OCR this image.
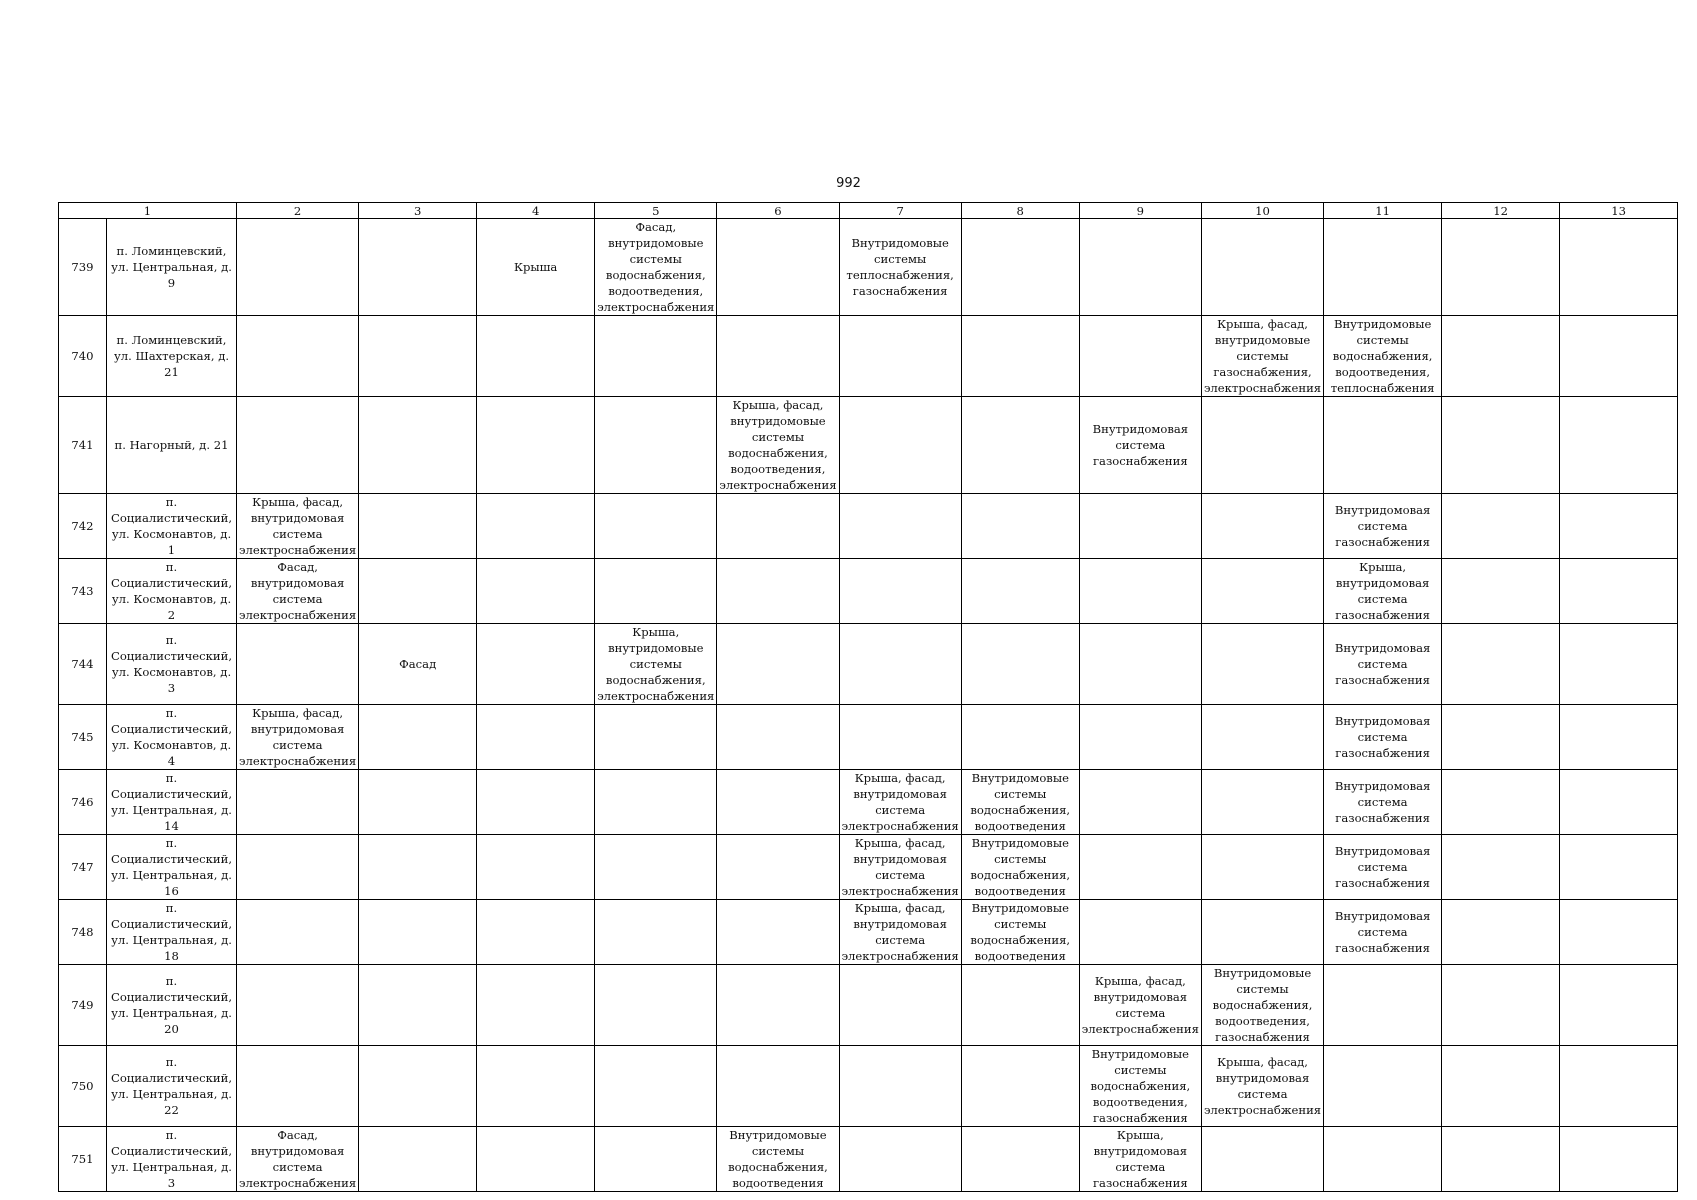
992
1		2	3	4	5	6	7	8	9	10	11	12	13
739	п. Ломинцевский, ул. Центральная, д. 9			Крыша	Фасад, внутридомовые системы водоснабжения, водоотведения, электроснабжения		Внутридомовые системы теплоснабжения, газоснабжения						
740	п. Ломинцевский, ул. Шахтерская, д. 21									Крыша, фасад, внутридомовые системы газоснабжения, электроснабжения	Внутридомовые системы водоснабжения, водоотведения, теплоснабжения		
741	п. Нагорный, д. 21					Крыша, фасад, внутридомовые системы водоснабжения, водоотведения, электроснабжения			Внутридомовая система газоснабжения				
742	п. Социалистический, ул. Космонавтов, д. 1	Крыша, фасад, внутридомовая система электроснабжения									Внутридомовая система газоснабжения		
743	п. Социалистический, ул. Космонавтов, д. 2	Фасад, внутридомовая система электроснабжения									Крыша, внутридомовая система газоснабжения		
744	п. Социалистический, ул. Космонавтов, д. 3		Фасад		Крыша, внутридомовые системы водоснабжения, электроснабжения						Внутридомовая система газоснабжения		
745	п. Социалистический, ул. Космонавтов, д. 4	Крыша, фасад, внутридомовая система электроснабжения									Внутридомовая система газоснабжения		
746	п. Социалистический, ул. Центральная, д. 14						Крыша, фасад, внутридомовая система электроснабжения	Внутридомовые системы водоснабжения, водоотведения			Внутридомовая система газоснабжения		
747	п. Социалистический, ул. Центральная, д. 16						Крыша, фасад, внутридомовая система электроснабжения	Внутридомовые системы водоснабжения, водоотведения			Внутридомовая система газоснабжения		
748	п. Социалистический, ул. Центральная, д. 18						Крыша, фасад, внутридомовая система электроснабжения	Внутридомовые системы водоснабжения, водоотведения			Внутридомовая система газоснабжения		
749	п. Социалистический, ул. Центральная, д. 20								Крыша, фасад, внутридомовая система электроснабжения	Внутридомовые системы водоснабжения, водоотведения, газоснабжения			
750	п. Социалистический, ул. Центральная, д. 22								Внутридомовые системы водоснабжения, водоотведения, газоснабжения	Крыша, фасад, внутридомовая система электроснабжения			
751	п. Социалистический, ул. Центральная, д. 3	Фасад, внутридомовая система электроснабжения				Внутридомовые системы водоснабжения, водоотведения			Крыша, внутридомовая система газоснабжения				
